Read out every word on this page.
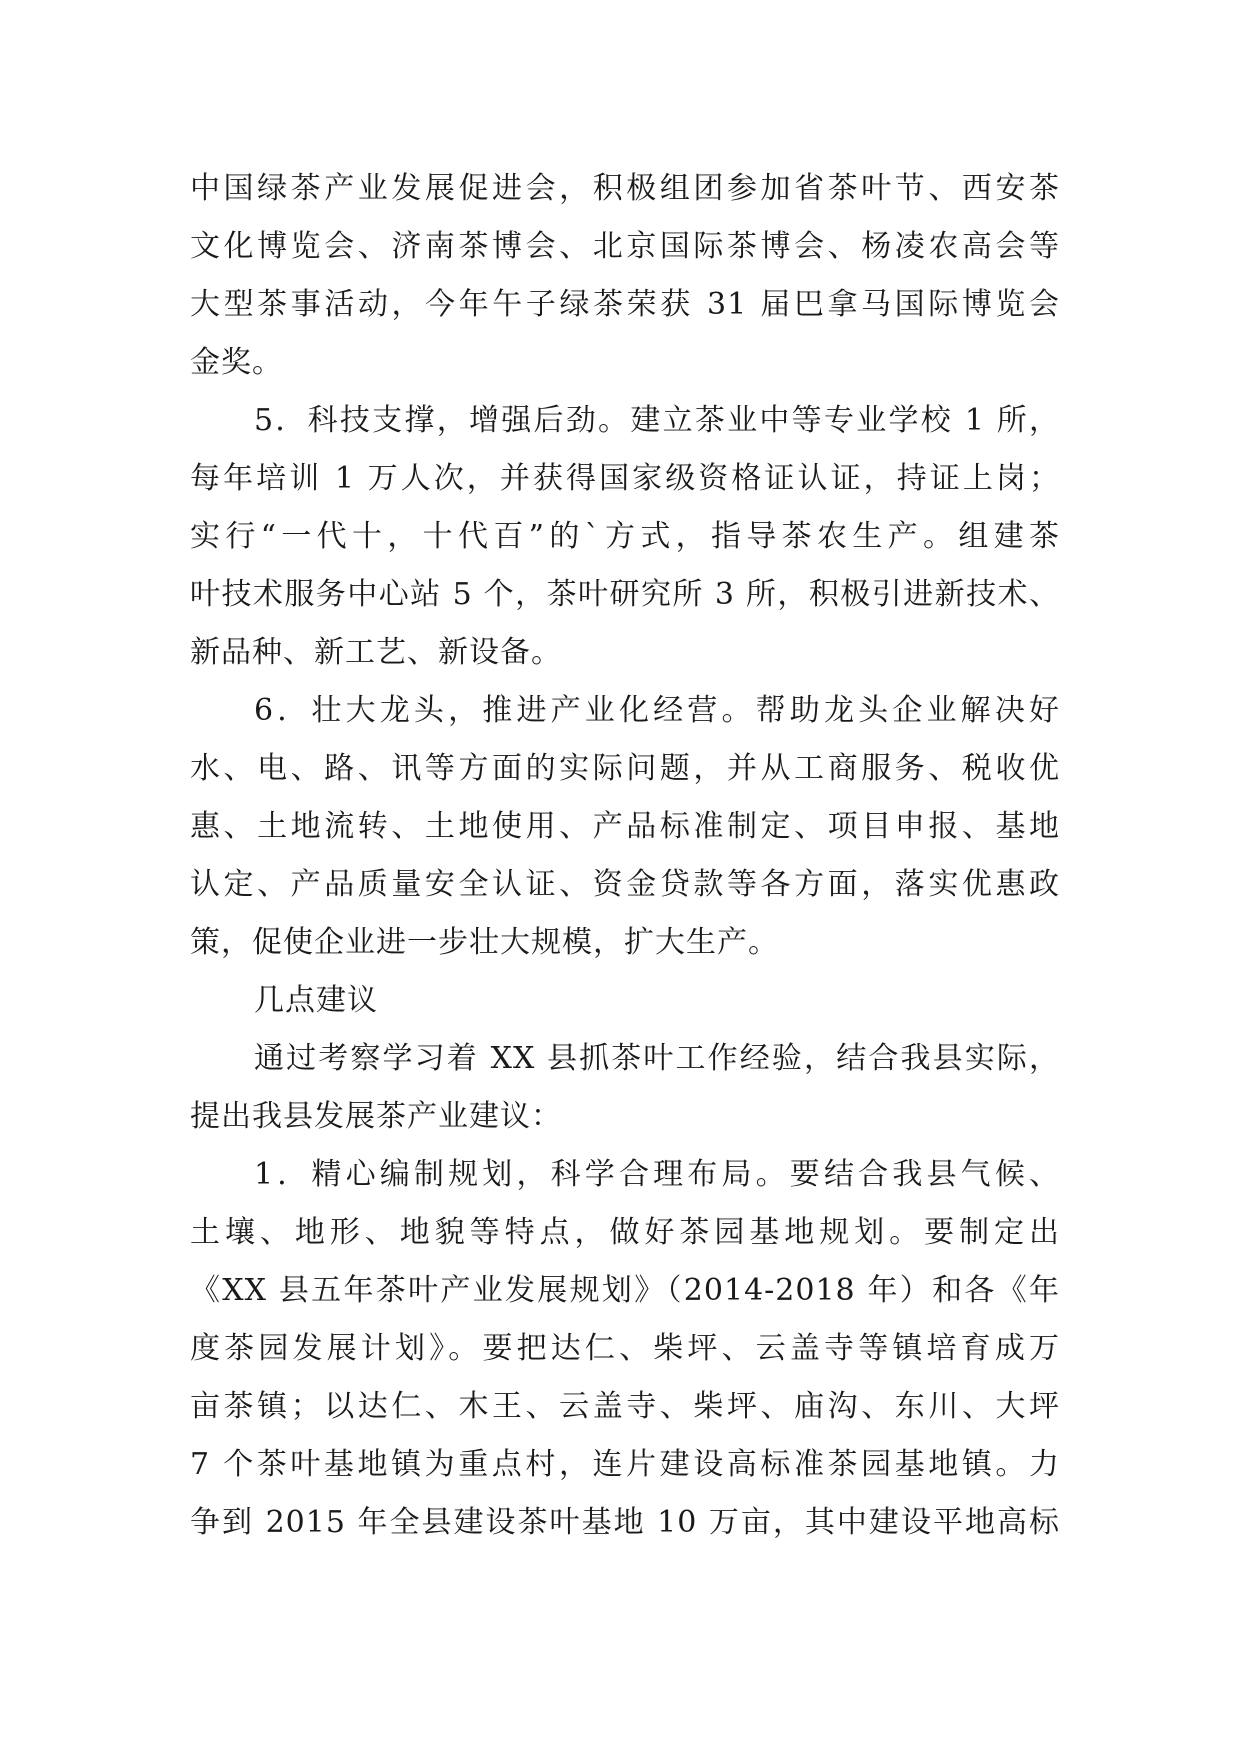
中国绿茶产业发展促进会，积极组团参加省茶叶节、西安茶
文化博览会、济南茶博会、北京国际茶博会、杨凌农高会等
大型茶事活动，今年午子绿茶荣获 31 届巴拿马国际博览会
金奖。
5．科技支撑，增强后劲。建立茶业中等专业学校 1 所，
每年培训 1 万人次，并获得国家级资格证认证，持证上岗；
实行“一代十，十代百”的`方式，指导茶农生产。组建茶
叶技术服务中心站 5 个，茶叶研究所 3 所，积极引进新技术、
新品种、新工艺、新设备。
6．壮大龙头，推进产业化经营。帮助龙头企业解决好
水、电、路、讯等方面的实际问题，并从工商服务、税收优
惠、土地流转、土地使用、产品标准制定、项目申报、基地
认定、产品质量安全认证、资金贷款等各方面，落实优惠政
策，促使企业进一步壮大规模，扩大生产。
几点建议
通过考察学习着 XX 县抓茶叶工作经验，结合我县实际，
提出我县发展茶产业建议：
1．精心编制规划，科学合理布局。要结合我县气候、
土壤、地形、地貌等特点，做好茶园基地规划。要制定出
《XX 县五年茶叶产业发展规划》（2014-2018 年）和各《年
度茶园发展计划》。要把达仁、柴坪、云盖寺等镇培育成万
亩茶镇；以达仁、木王、云盖寺、柴坪、庙沟、东川、大坪
7 个茶叶基地镇为重点村，连片建设高标准茶园基地镇。力
争到 2015 年全县建设茶叶基地 10 万亩，其中建设平地高标
